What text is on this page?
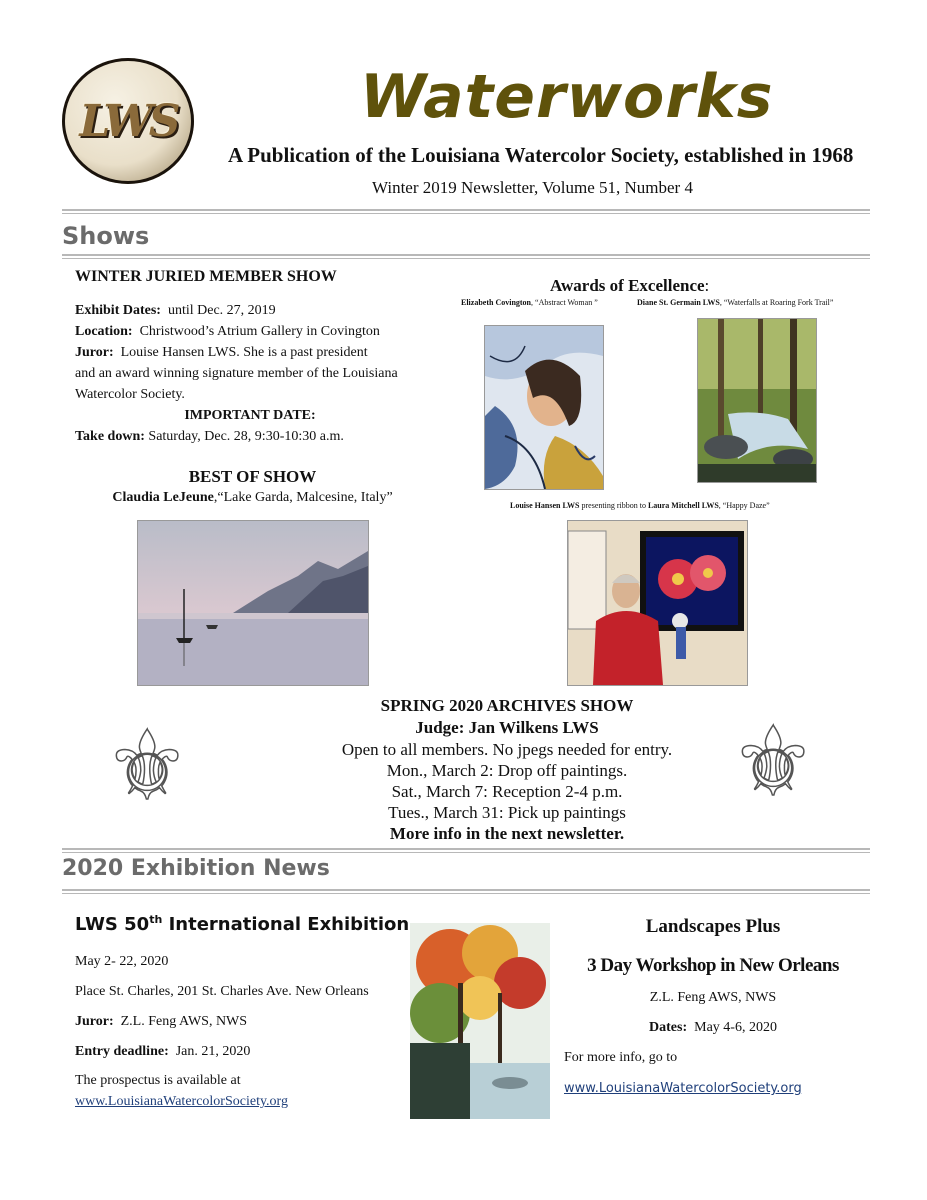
LWS	Waterworks
A Publication of the Louisiana Watercolor Society, established in 1968
Winter 2019 Newsletter, Volume 51, Number 4
Shows
WINTER JURIED MEMBER SHOW
Exhibit Dates: until Dec. 27, 2019
Location: Christwood’s Atrium Gallery in Covington
Juror: Louise Hansen LWS. She is a past president
and an award winning signature member of the Louisiana
Watercolor Society.
IMPORTANT DATE:
Take down: Saturday, Dec. 28, 9:30-10:30 a.m.
BEST OF SHOW
Claudia LeJeune,“Lake Garda, Malcesine, Italy”
Awards of Excellence:
Elizabeth Covington, “Abstract Woman ”	Diane St. Germain LWS, “Waterfalls at Roaring Fork Trail”
Louise Hansen LWS presenting ribbon to Laura Mitchell LWS, “Happy Daze”
⚜	⚜
SPRING 2020 ARCHIVES SHOW
Judge: Jan Wilkens LWS
Open to all members. No jpegs needed for entry.
Mon., March 2: Drop off paintings.
Sat., March 7: Reception 2-4 p.m.
Tues., March 31: Pick up paintings
More info in the next newsletter.
2020 Exhibition News
LWS 50th International Exhibition
May 2- 22, 2020
Place St. Charles, 201 St. Charles Ave. New Orleans
Juror: Z.L. Feng AWS, NWS
Entry deadline: Jan. 21, 2020
The prospectus is available at
www.LouisianaWatercolorSociety.org
Landscapes Plus
3 Day Workshop in New Orleans
Z.L. Feng AWS, NWS
Dates: May 4-6, 2020
For more info, go to
www.LouisianaWatercolorSociety.org
